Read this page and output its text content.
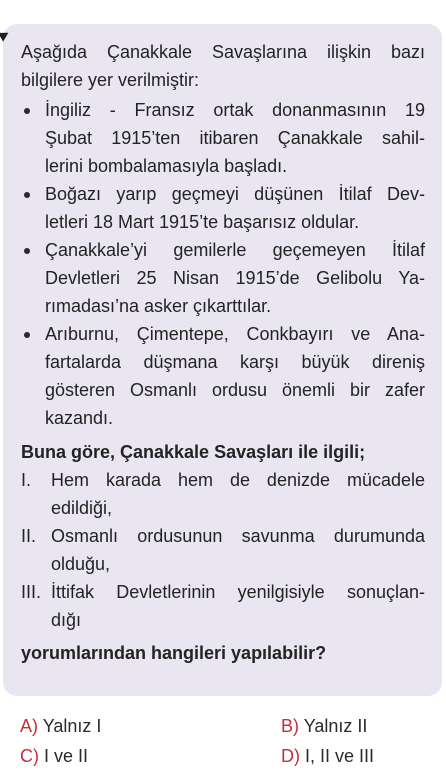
Aşağıda Çanakkale Savaşlarına ilişkin bazı
bilgilere yer verilmiştir:
İngiliz - Fransız ortak donanmasının 19
Şubat 1915’ten itibaren Çanakkale sahil-
lerini bombalamasıyla başladı.
Boğazı yarıp geçmeyi düşünen İtilaf Dev-
letleri 18 Mart 1915’te başarısız oldular.
Çanakkale’yi gemilerle geçemeyen İtilaf
Devletleri 25 Nisan 1915’de Gelibolu Ya-
rımadası’na asker çıkarttılar.
Arıburnu, Çimentepe, Conkbayırı ve Ana-
fartalarda düşmana karşı büyük direniş
gösteren Osmanlı ordusu önemli bir zafer
kazandı.
Buna göre, Çanakkale Savaşları ile ilgili;
I. Hem karada hem de denizde mücadele
edildiği,
II. Osmanlı ordusunun savunma durumunda
olduğu,
III. İttifak Devletlerinin yenilgisiyle sonuçlan-
dığı
yorumlarından hangileri yapılabilir?
A) Yalnız I	B) Yalnız II
C) I ve II	D) I, II ve III
